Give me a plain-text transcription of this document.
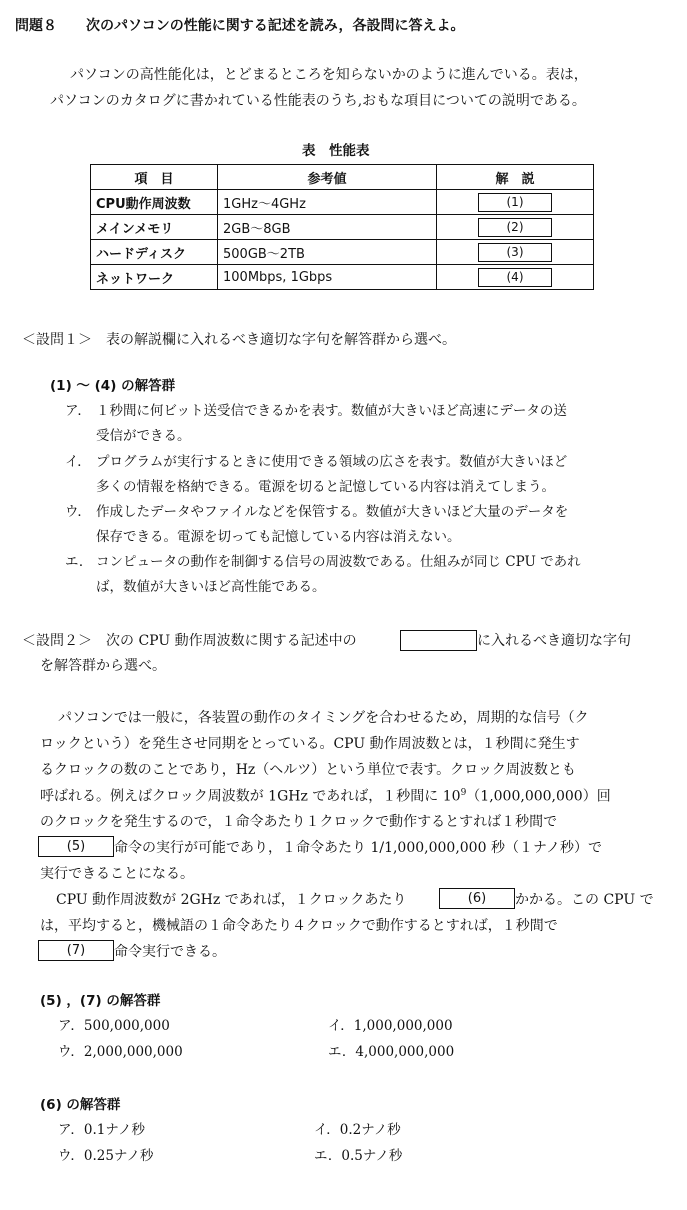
問題８ 次のパソコンの性能に関する記述を読み，各設問に答えよ。
パソコンの高性能化は，とどまるところを知らないかのように進んでいる。表は，
パソコンのカタログに書かれている性能表のうち,おもな項目についての説明である。
表　性能表
項　目	参考値	解　説
CPU動作周波数	1GHz～4GHz	(1)

メインメモリ	2GB～8GB	(2)

ハードディスク	500GB～2TB	(3)

ネットワーク	100Mbps, 1Gbps	(4)
＜設問１＞　表の解説欄に入れるべき適切な字句を解答群から選べ。
(1) ～ (4) の解答群
ア． １秒間に何ビット送受信できるかを表す。数値が大きいほど高速にデータの送
受信ができる。
イ． プログラムが実行するときに使用できる領域の広さを表す。数値が大きいほど
多くの情報を格納できる。電源を切ると記憶している内容は消えてしまう。
ウ． 作成したデータやファイルなどを保管する。数値が大きいほど大量のデータを
保存できる。電源を切っても記憶している内容は消えない。
エ． コンピュータの動作を制御する信号の周波数である。仕組みが同じ CPU であれ
ば，数値が大きいほど高性能である。
＜設問２＞　次の CPU 動作周波数に関する記述中の	に入れるべき適切な字句
を解答群から選べ。
パソコンでは一般に，各装置の動作のタイミングを合わせるため，周期的な信号（ク
ロックという）を発生させ同期をとっている。CPU 動作周波数とは，１秒間に発生す
るクロックの数のことであり，Hz（ヘルツ）という単位で表す。クロック周波数とも
呼ばれる。例えばクロック周波数が 1GHz であれば，１秒間に $10^9(1,000,000,000)$回
のクロックを発生するので，１命令あたり１クロックで動作するとすれば１秒間で
(5)	命令の実行が可能であり，１命令あたり 1/1,000,000,000 秒（１ナノ秒）で
実行できることになる。
CPU 動作周波数が 2GHz であれば，１クロックあたり	(6)	かかる。この CPU で
は，平均すると，機械語の１命令あたり４クロックで動作するとすれば，１秒間で
(7)	命令実行できる。
(5) ，(7) の解答群
ア．500,000,000	イ．1,000,000,000
ウ．2,000,000,000	エ．4,000,000,000
(6) の解答群
ア．0.1ナノ秒	イ．0.2ナノ秒
ウ．0.25ナノ秒	エ．0.5ナノ秒
